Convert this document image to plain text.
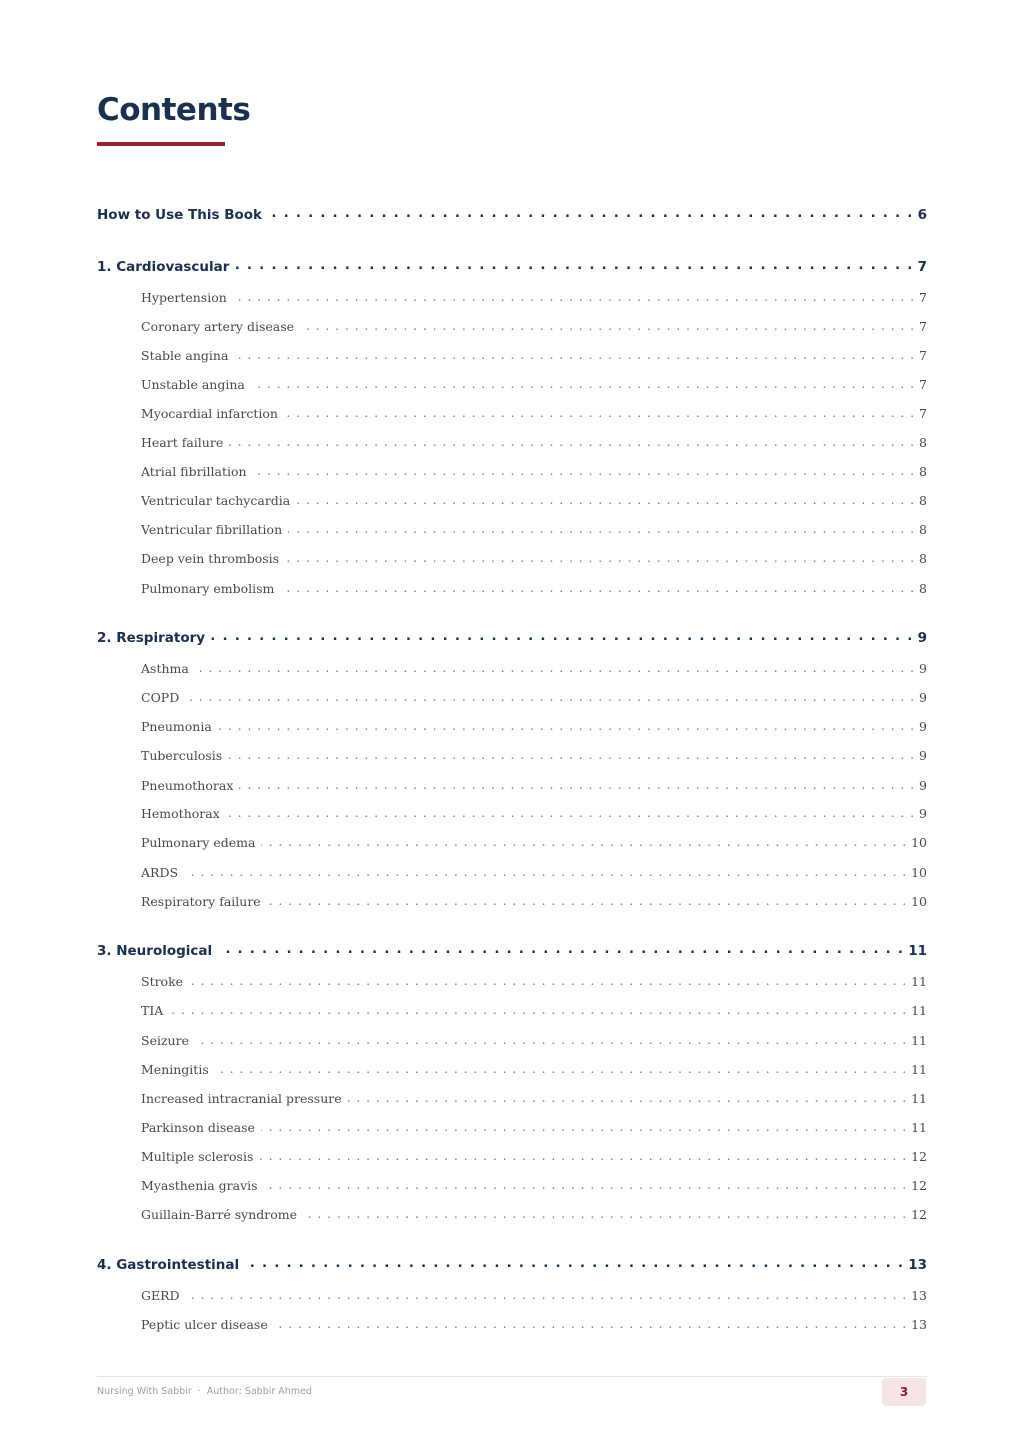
Contents
How to Use This Book . . .	6
1. Cardiovascular . . .	7
Hypertension . . .	7
Coronary artery disease . . .	7
Stable angina . . .	7
Unstable angina . . .	7
Myocardial infarction . . .	7
Heart failure . . .	8
Atrial fibrillation . . .	8
Ventricular tachycardia . . .	8
Ventricular fibrillation . . .	8
Deep vein thrombosis . . .	8
Pulmonary embolism . . .	8
2. Respiratory . . .	9
Asthma . . .	9
COPD . . .	9
Pneumonia . . .	9
Tuberculosis . . .	9
Pneumothorax . . .	9
Hemothorax . . .	9
Pulmonary edema . . .	10
ARDS . . .	10
Respiratory failure . . .	10
3. Neurological . . .	11
Stroke . . .	11
TIA . . .	11
Seizure . . .	11
Meningitis . . .	11
Increased intracranial pressure . . .	11
Parkinson disease . . .	11
Multiple sclerosis . . .	12
Myasthenia gravis . . .	12
Guillain-Barré syndrome . . .	12
4. Gastrointestinal . . .	13
GERD . . .	13
Peptic ulcer disease . . .	13
Nursing With Sabbir · Author: Sabbir Ahmed	3
